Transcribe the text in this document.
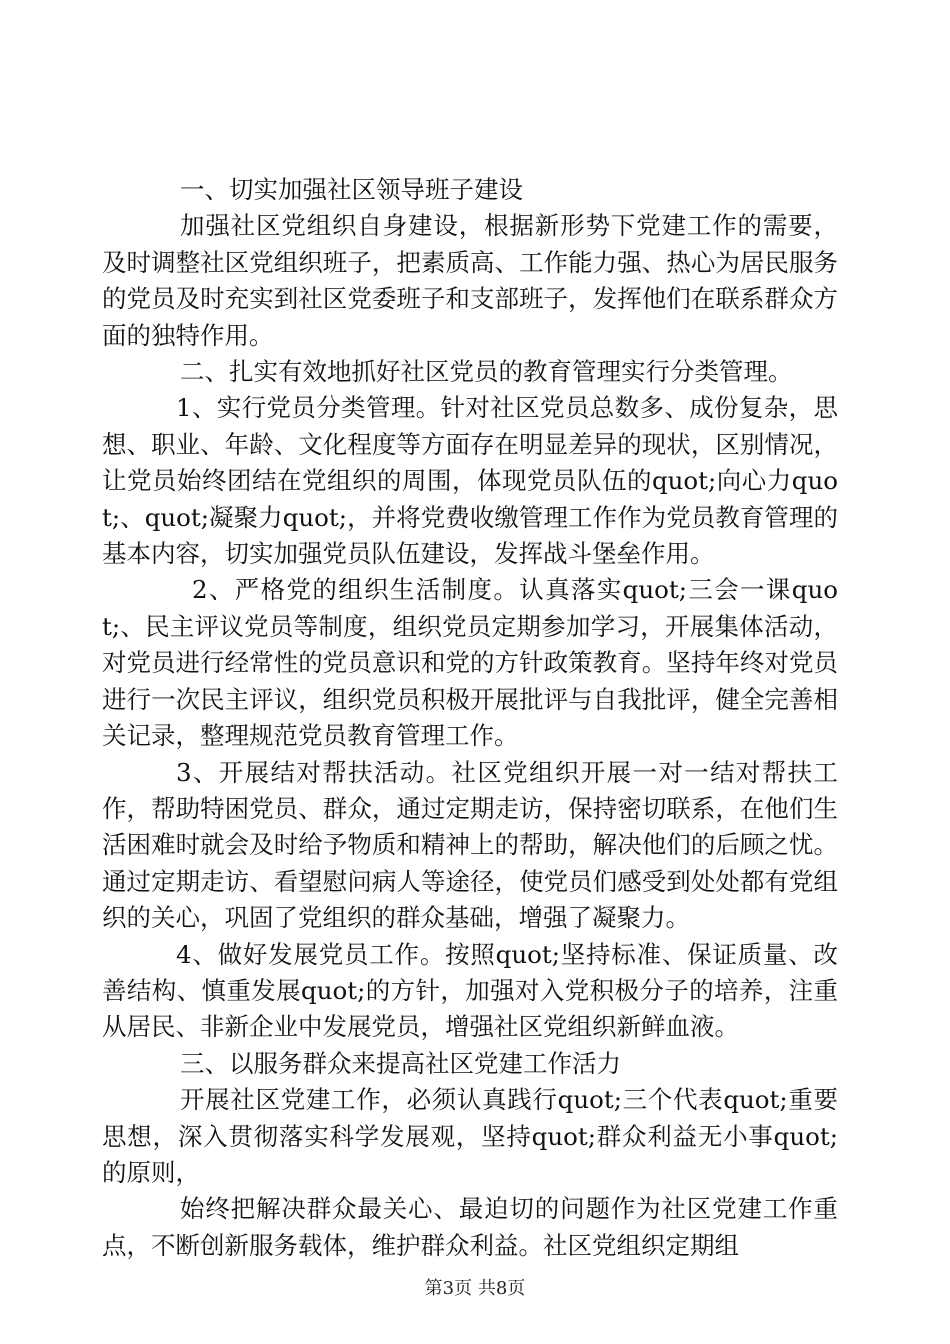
一、切实加强社区领导班子建设

加强社区党组织自身建设，根据新形势下党建工作的需要，及时调整社区党组织班子，把素质高、工作能力强、热心为居民服务的党员及时充实到社区党委班子和支部班子，发挥他们在联系群众方面的独特作用。

二、扎实有效地抓好社区党员的教育管理实行分类管理。

1、实行党员分类管理。针对社区党员总数多、成份复杂，思想、职业、年龄、文化程度等方面存在明显差异的现状，区别情况，让党员始终团结在党组织的周围，体现党员队伍的quot;向心力quot;、quot;凝聚力quot;，并将党费收缴管理工作作为党员教育管理的基本内容，切实加强党员队伍建设，发挥战斗堡垒作用。

2、严格党的组织生活制度。认真落实quot;三会一课quot;、民主评议党员等制度，组织党员定期参加学习，开展集体活动，对党员进行经常性的党员意识和党的方针政策教育。坚持年终对党员进行一次民主评议，组织党员积极开展批评与自我批评，健全完善相关记录，整理规范党员教育管理工作。

3、开展结对帮扶活动。社区党组织开展一对一结对帮扶工作，帮助特困党员、群众，通过定期走访，保持密切联系，在他们生活困难时就会及时给予物质和精神上的帮助，解决他们的后顾之忧。通过定期走访、看望慰问病人等途径，使党员们感受到处处都有党组织的关心，巩固了党组织的群众基础，增强了凝聚力。

4、做好发展党员工作。按照quot;坚持标准、保证质量、改善结构、慎重发展quot;的方针，加强对入党积极分子的培养，注重从居民、非新企业中发展党员，增强社区党组织新鲜血液。

三、以服务群众来提高社区党建工作活力

开展社区党建工作，必须认真践行quot;三个代表quot;重要思想，深入贯彻落实科学发展观，坚持quot;群众利益无小事quot;的原则，

始终把解决群众最关心、最迫切的问题作为社区党建工作重点，不断创新服务载体，维护群众利益。社区党组织定期组

第3页 共8页
